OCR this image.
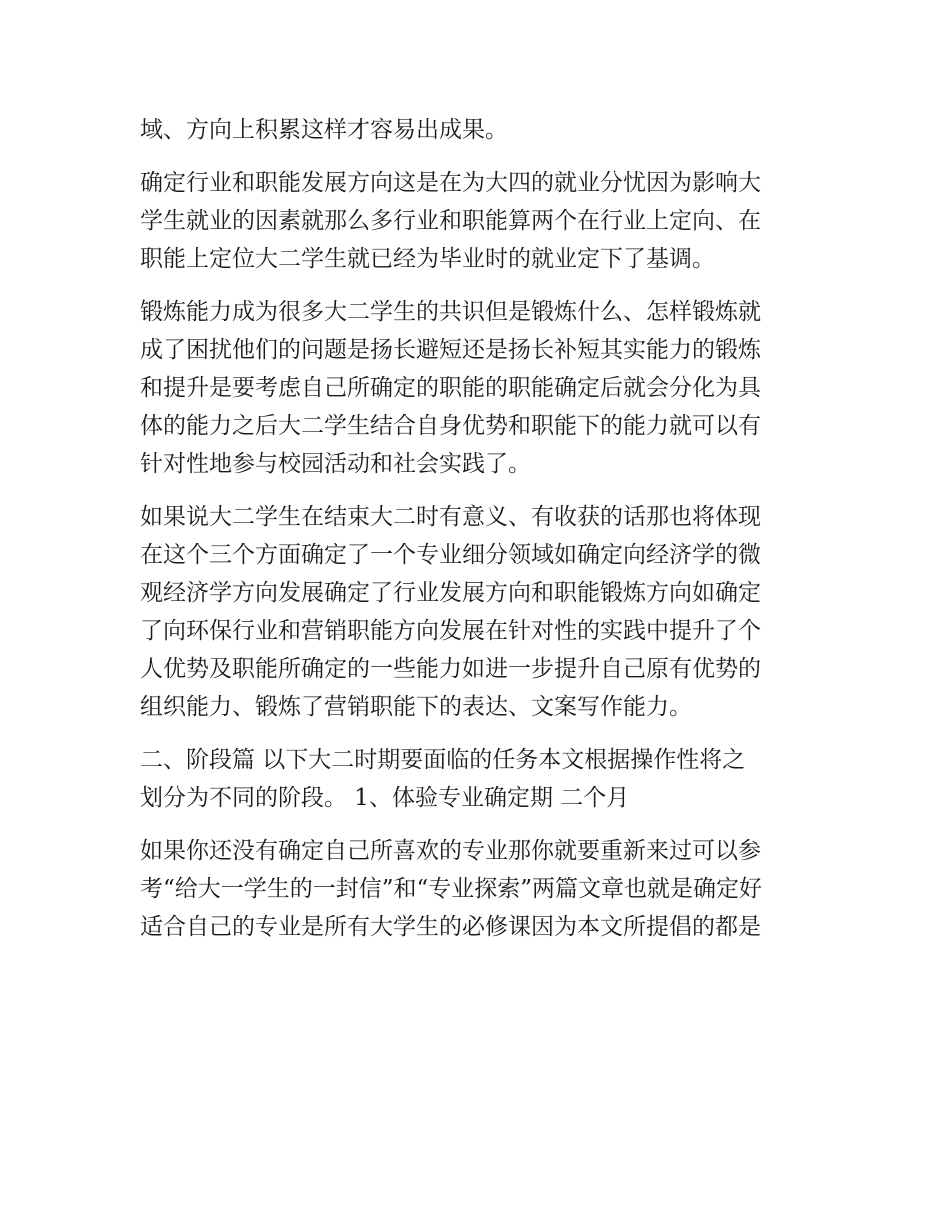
域、方向上积累这样才容易出成果。
确定行业和职能发展方向这是在为大四的就业分忧因为影响大
学生就业的因素就那么多行业和职能算两个在行业上定向、在
职能上定位大二学生就已经为毕业时的就业定下了基调。
锻炼能力成为很多大二学生的共识但是锻炼什么、怎样锻炼就
成了困扰他们的问题是扬长避短还是扬长补短其实能力的锻炼
和提升是要考虑自己所确定的职能的职能确定后就会分化为具
体的能力之后大二学生结合自身优势和职能下的能力就可以有
针对性地参与校园活动和社会实践了。
如果说大二学生在结束大二时有意义、有收获的话那也将体现
在这个三个方面确定了一个专业细分领域如确定向经济学的微
观经济学方向发展确定了行业发展方向和职能锻炼方向如确定
了向环保行业和营销职能方向发展在针对性的实践中提升了个
人优势及职能所确定的一些能力如进一步提升自己原有优势的
组织能力、锻炼了营销职能下的表达、文案写作能力。
二、阶段篇 以下大二时期要面临的任务本文根据操作性将之
划分为不同的阶段。 1、体验专业确定期 二个月
如果你还没有确定自己所喜欢的专业那你就要重新来过可以参
考“给大一学生的一封信”和“专业探索”两篇文章也就是确定好
适合自己的专业是所有大学生的必修课因为本文所提倡的都是
